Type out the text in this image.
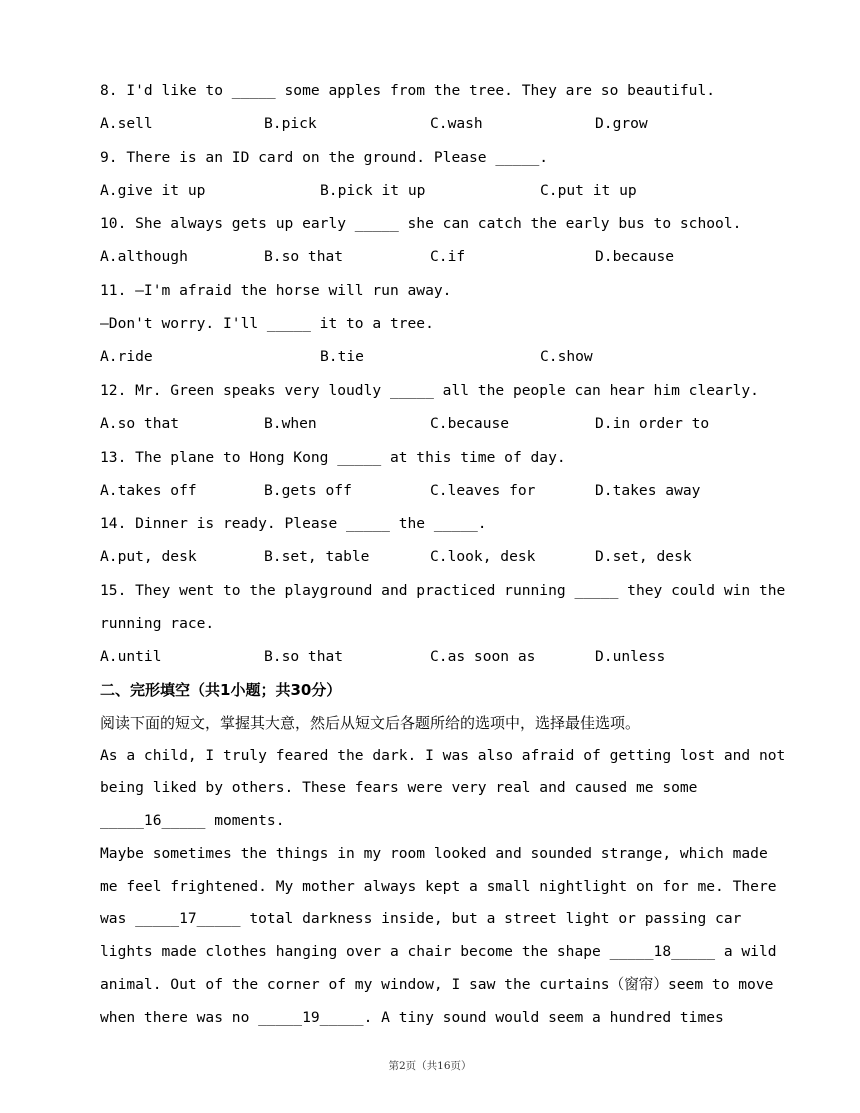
8. I'd like to _____ some apples from the tree. They are so beautiful.
A.sell	B.pick	C.wash	D.grow
9. There is an ID card on the ground. Please _____.
A.give it up	B.pick it up	C.put it up
10. She always gets up early _____ she can catch the early bus to school.
A.although	B.so that	C.if	D.because
11. —I'm afraid the horse will run away.
—Don't worry. I'll _____ it to a tree.
A.ride	B.tie	C.show
12. Mr. Green speaks very loudly _____ all the people can hear him clearly.
A.so that	B.when	C.because	D.in order to
13. The plane to Hong Kong _____ at this time of day.
A.takes off	B.gets off	C.leaves for	D.takes away
14. Dinner is ready. Please _____ the _____.
A.put, desk	B.set, table	C.look, desk	D.set, desk
15. They went to the playground and practiced running _____ they could win the
running race.
A.until	B.so that	C.as soon as	D.unless
二、完形填空（共1小题；共30分）
阅读下面的短文，掌握其大意，然后从短文后各题所给的选项中，选择最佳选项。
As a child, I truly feared the dark. I was also afraid of getting lost and not
being liked by others. These fears were very real and caused me some
_____16_____ moments.
Maybe sometimes the things in my room looked and sounded strange, which made
me feel frightened. My mother always kept a small nightlight on for me. There
was _____17_____ total darkness inside, but a street light or passing car
lights made clothes hanging over a chair become the shape _____18_____ a wild
animal. Out of the corner of my window, I saw the curtains（窗帘）seem to move
when there was no _____19_____. A tiny sound would seem a hundred times
第2页（共16页）
